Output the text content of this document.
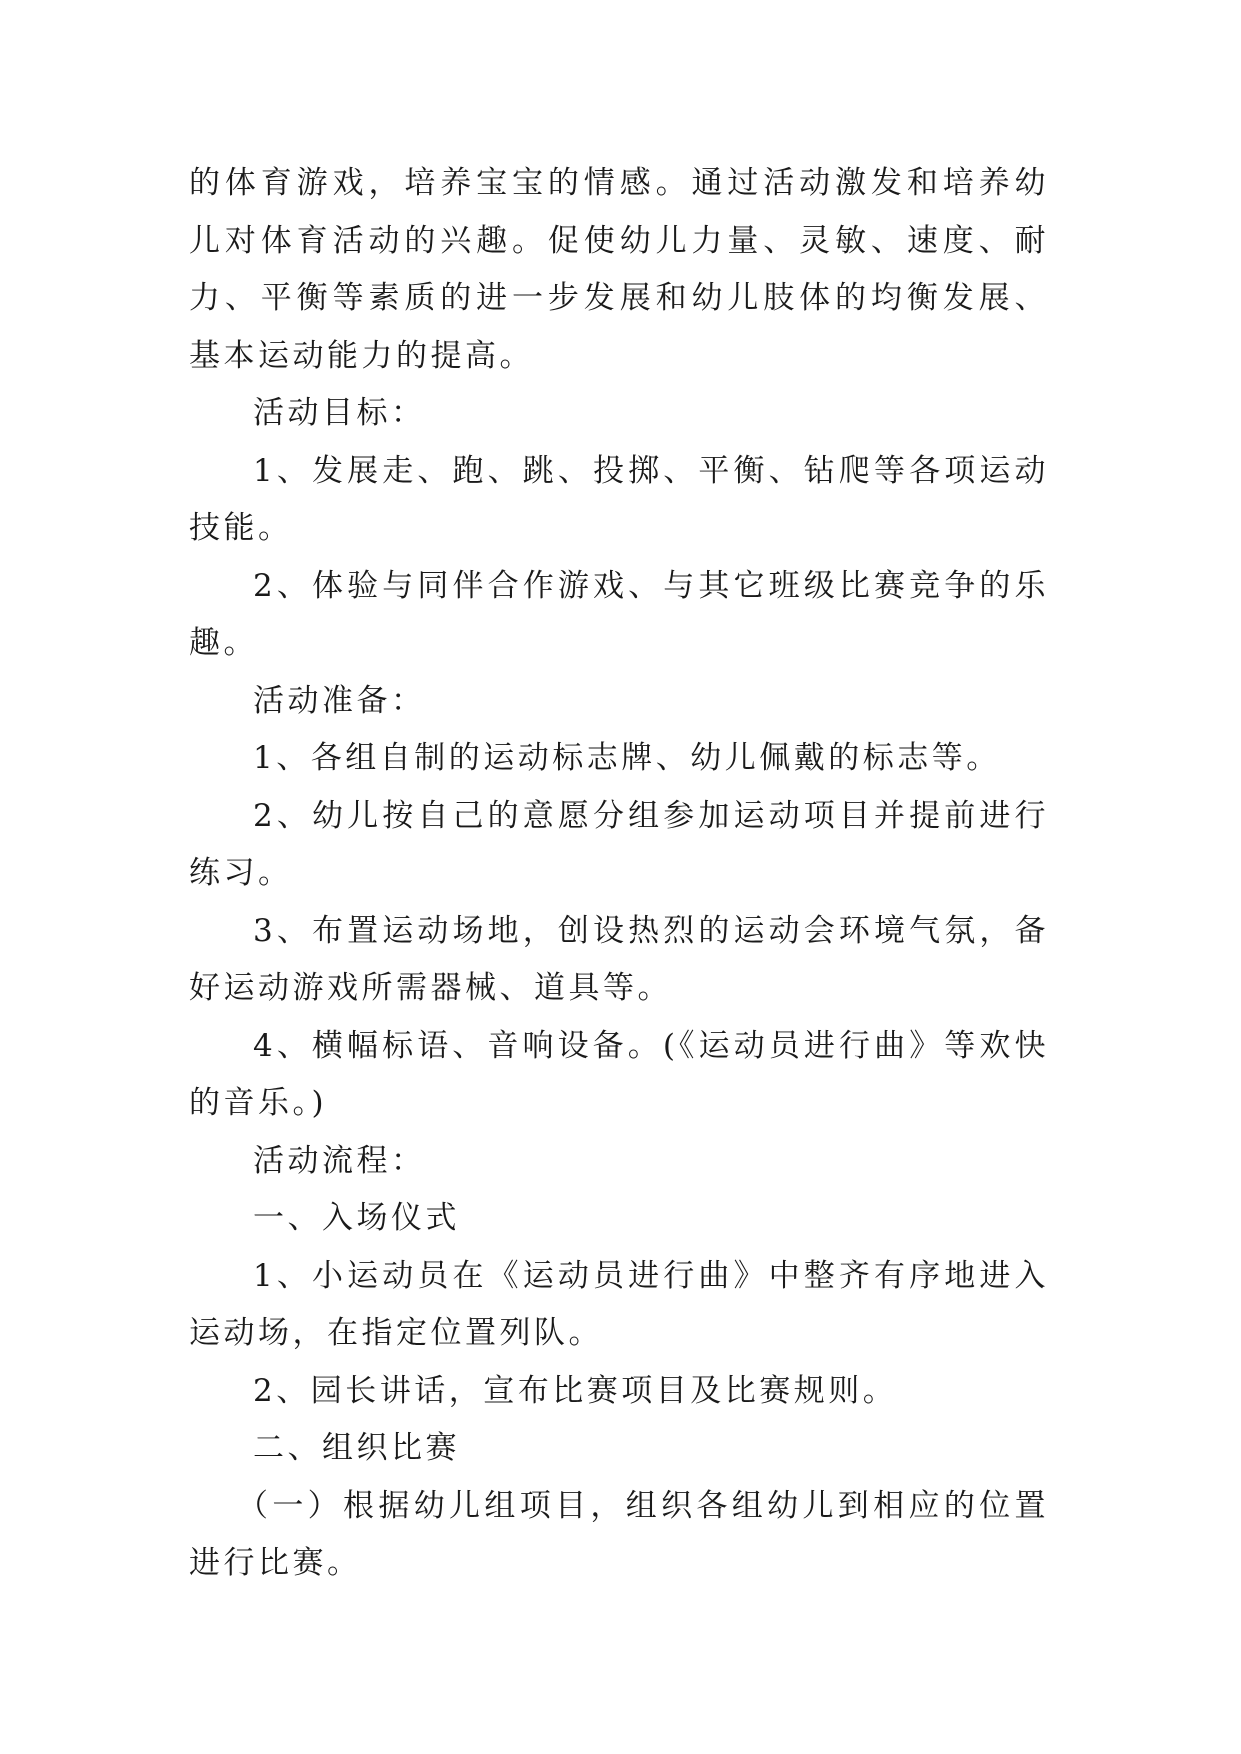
的体育游戏，培养宝宝的情感。通过活动激发和培养幼儿对体育活动的兴趣。促使幼儿力量、灵敏、速度、耐力、平衡等素质的进一步发展和幼儿肢体的均衡发展、基本运动能力的提高。

活动目标：

1、发展走、跑、跳、投掷、平衡、钻爬等各项运动技能。

2、体验与同伴合作游戏、与其它班级比赛竞争的乐趣。

活动准备：

1、各组自制的运动标志牌、幼儿佩戴的标志等。

2、幼儿按自己的意愿分组参加运动项目并提前进行练习。

3、布置运动场地，创设热烈的运动会环境气氛，备好运动游戏所需器械、道具等。

4、横幅标语、音响设备。(《运动员进行曲》等欢快的音乐。)

活动流程：

一、入场仪式

1、小运动员在《运动员进行曲》中整齐有序地进入运动场，在指定位置列队。

2、园长讲话，宣布比赛项目及比赛规则。

二、组织比赛

（一）根据幼儿组项目，组织各组幼儿到相应的位置进行比赛。
